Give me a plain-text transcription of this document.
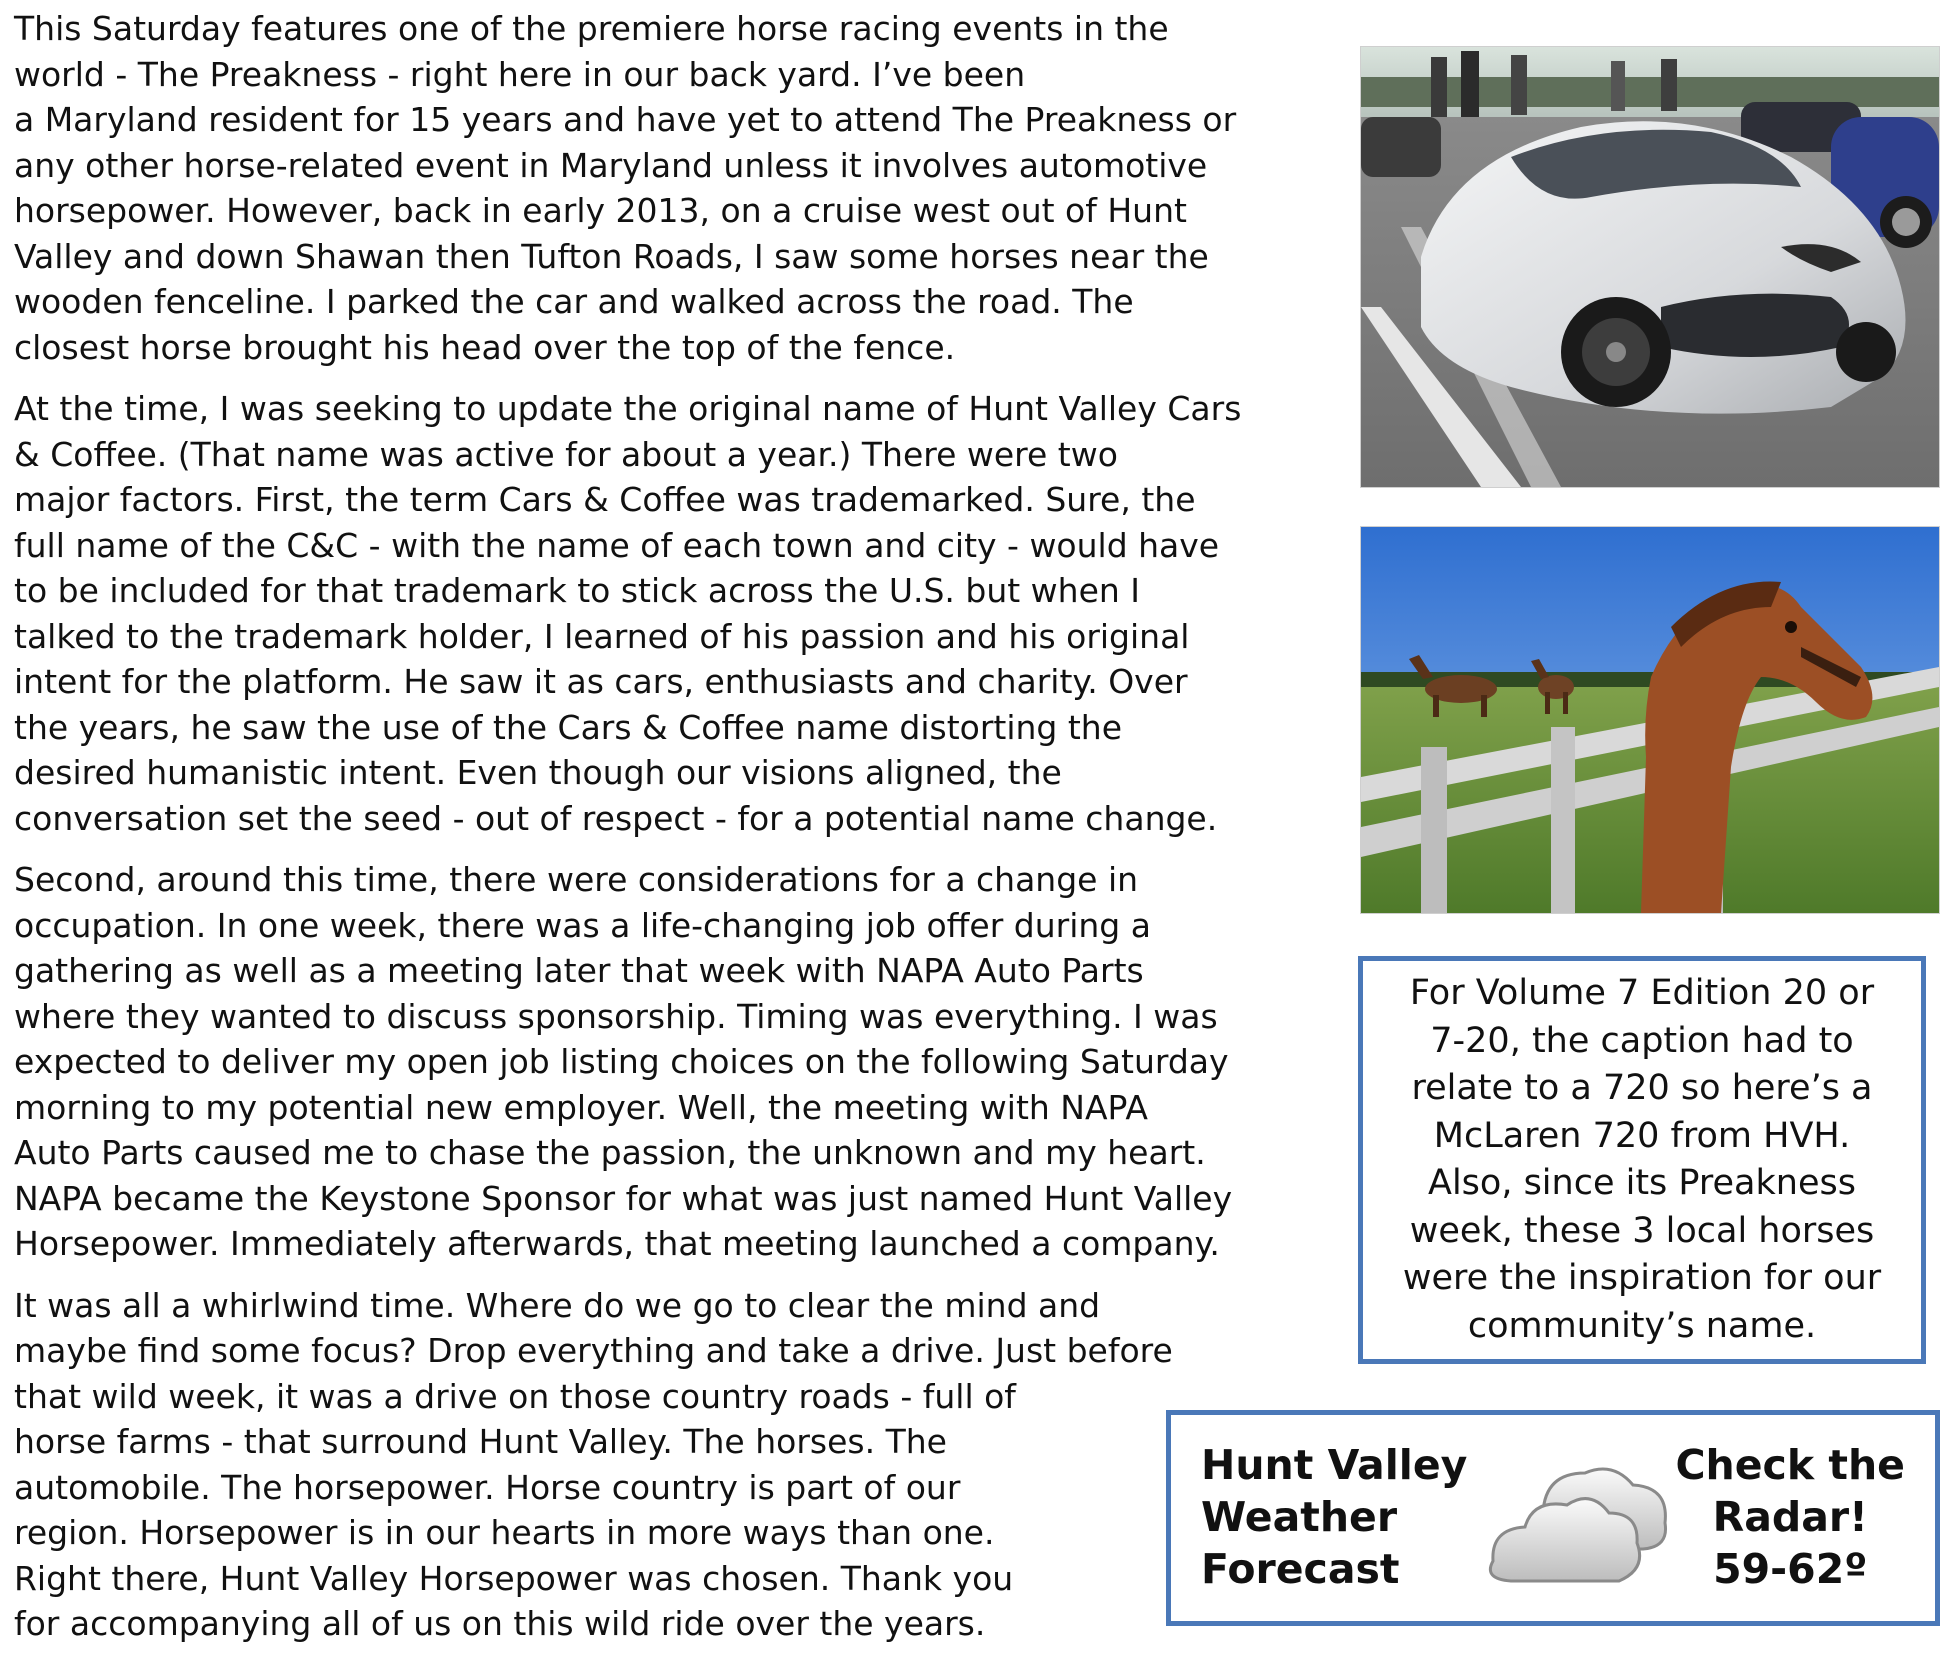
This Saturday features one of the premiere horse racing events in the
world - The Preakness - right here in our back yard. I’ve been
a Maryland resident for 15 years and have yet to attend The Preakness or
any other horse-related event in Maryland unless it involves automotive
horsepower. However, back in early 2013, on a cruise west out of Hunt
Valley and down Shawan then Tufton Roads, I saw some horses near the
wooden fenceline. I parked the car and walked across the road. The
closest horse brought his head over the top of the fence.

At the time, I was seeking to update the original name of Hunt Valley Cars
& Coffee. (That name was active for about a year.) There were two
major factors. First, the term Cars & Coffee was trademarked. Sure, the
full name of the C&C - with the name of each town and city - would have
to be included for that trademark to stick across the U.S. but when I
talked to the trademark holder, I learned of his passion and his original
intent for the platform. He saw it as cars, enthusiasts and charity. Over
the years, he saw the use of the Cars & Coffee name distorting the
desired humanistic intent. Even though our visions aligned, the
conversation set the seed - out of respect - for a potential name change.

Second, around this time, there were considerations for a change in
occupation. In one week, there was a life-changing job offer during a
gathering as well as a meeting later that week with NAPA Auto Parts
where they wanted to discuss sponsorship. Timing was everything. I was
expected to deliver my open job listing choices on the following Saturday
morning to my potential new employer. Well, the meeting with NAPA
Auto Parts caused me to chase the passion, the unknown and my heart.
NAPA became the Keystone Sponsor for what was just named Hunt Valley
Horsepower. Immediately afterwards, that meeting launched a company.

It was all a whirlwind time. Where do we go to clear the mind and
maybe find some focus? Drop everything and take a drive. Just before
that wild week, it was a drive on those country roads - full of
horse farms - that surround Hunt Valley. The horses. The
automobile. The horsepower. Horse country is part of our
region. Horsepower is in our hearts in more ways than one.
Right there, Hunt Valley Horsepower was chosen. Thank you
for accompanying all of us on this wild ride over the years.

For Volume 7 Edition 20 or
7-20, the caption had to
relate to a 720 so here’s a
McLaren 720 from HVH.
Also, since its Preakness
week, these 3 local horses
were the inspiration for our
community’s name.
Hunt Valley
Weather
Forecast
Check the
Radar!
59-62º
